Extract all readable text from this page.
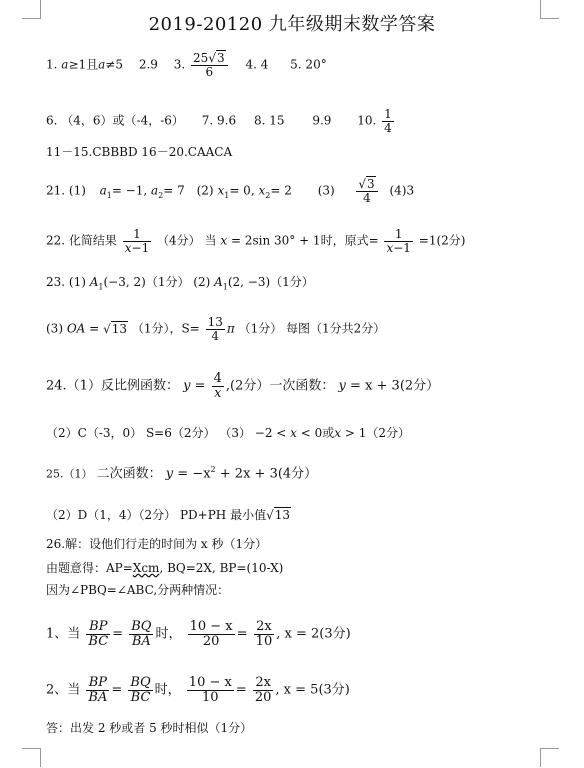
2019-20120 九年级期末数学答案
1. a≥1且a≠5 2.9 3. $\frac{25√3}{6} 4$. 4 5. 20°
6. （4，6）或（-4，-6） 7. 9.6 8. 15 9.9 10. $\frac{1}{4}$
11－15.CBBBD 16－20.CAACA
21. (1) $a_1= -1$, $a_2= 7$ (2) $x_1= 0$, $x_2= 2$ $(3) \frac{√3}{4} (4)3$
22. 化简结果 $\frac{1}{x-1} (4$分） 当 x = 2sin 30° + 1时，原式= $\frac{1}{x-1} =1(2$分)
23. (1) $A_1(-3$, 2)（1分） (2) $A_1(2$, −3)（1分）
(3) OA = √13 （1分），$S= \frac{13}{4}$ π （1分） 每图（1分共2分）
24.（1）反比例函数： $y = \frac{4}{x} ,(2$分）一次函数： y = x + 3(2分）
（2）C（-3，0） S=6（2分） （3） −2 < x < 0或x > 1（2分）
25.（1） 二次函数： $y = -x^2 + 2x + 3(4$分）
（2）D（1，4）（2分） PD+PH 最小值√13
26.解：设他们行走的时间为 x 秒（1分）
由题意得：AP=Xcm, BQ=2X, BP=(10-X)
因为∠PBQ=∠ABC,分两种情况：
1、当 $\frac{BP}{BC} = \frac{BQ}{BA}$ 时， $\frac{10 - x}{20} = \frac{2x}{10}$ , x = 2(3分)
2、当 $\frac{BP}{BA} = \frac{BQ}{BC}$ 时， $\frac{10 - x}{10} = \frac{2x}{20}$ , x = 5(3分)
答：出发 2 秒或者 5 秒时相似（1分）
